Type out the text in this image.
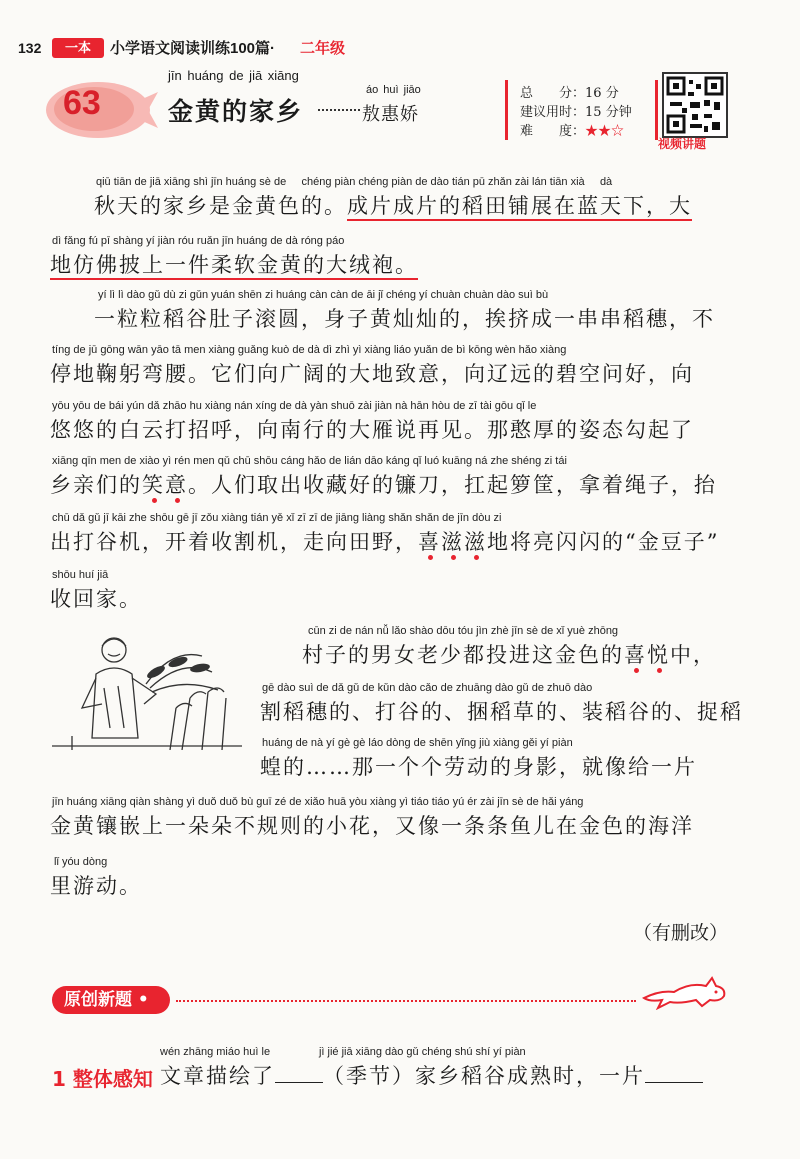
132	一本	小学语文阅读训练100篇· 二年级
63
jīn huáng de jiā xiāng
金黄的家乡
áo huì jiāo
敖惠娇
总　　分：16 分
建议用时：15 分钟
难　　度：★★☆
视频讲题
qiū tiān de jiā xiāng shì jīn huáng sè de chéng piàn chéng piàn de dào tián pū zhǎn zài lán tiān xià dà
秋天的家乡是金黄色的。成片成片的稻田铺展在蓝天下，大
dì fǎng fú pī shàng yí jiàn róu ruǎn jīn huáng de dà róng páo
地仿佛披上一件柔软金黄的大绒袍。
yí lì lì dào gǔ dù zi gǔn yuán shēn zi huáng càn càn de āi jǐ chéng yí chuàn chuàn dào suì bù
一粒粒稻谷肚子滚圆，身子黄灿灿的，挨挤成一串串稻穗，不
tíng de jū gōng wān yāo tā men xiàng guǎng kuò de dà dì zhì yì xiàng liáo yuǎn de bì kōng wèn hǎo xiàng
停地鞠躬弯腰。它们向广阔的大地致意，向辽远的碧空问好，向
yōu yōu de bái yún dǎ zhāo hu xiàng nán xíng de dà yàn shuō zài jiàn nà hān hòu de zī tài gōu qǐ le
悠悠的白云打招呼，向南行的大雁说再见。那憨厚的姿态勾起了
xiāng qīn men de xiào yì rén men qǔ chū shōu cáng hǎo de lián dāo káng qǐ luó kuāng ná zhe shéng zi tái
乡亲们的笑意。人们取出收藏好的镰刀，扛起箩筐，拿着绳子，抬
chū dǎ gǔ jī kāi zhe shōu gē jī zǒu xiàng tián yě xǐ zī zī de jiāng liàng shǎn shǎn de jīn dòu zi
出打谷机，开着收割机，走向田野，喜滋滋地将亮闪闪的“金豆子”
shōu huí jiā
收回家。
cūn zi de nán nǚ lǎo shào dōu tóu jìn zhè jīn sè de xǐ yuè zhōng
村子的男女老少都投进这金色的喜悦中，
gē dào suì de dǎ gǔ de kǔn dào cǎo de zhuāng dào gǔ de zhuō dào
割稻穗的、打谷的、捆稻草的、装稻谷的、捉稻
huáng de nà yí gè gè láo dòng de shēn yǐng jiù xiàng gěi yí piàn
蝗的……那一个个劳动的身影，就像给一片
jīn huáng xiāng qiàn shàng yì duǒ duǒ bù guī zé de xiǎo huā yòu xiàng yì tiáo tiáo yú ér zài jīn sè de hǎi yáng
金黄镶嵌上一朵朵不规则的小花，又像一条条鱼儿在金色的海洋
lǐ yóu dòng
里游动。
（有删改）
原创新题 •
wén zhāng miáo huì le	jì jié jiā xiāng dào gǔ chéng shú shí yí piàn
1 整体感知 文章描绘了 （季节）家乡稻谷成熟时，一片
